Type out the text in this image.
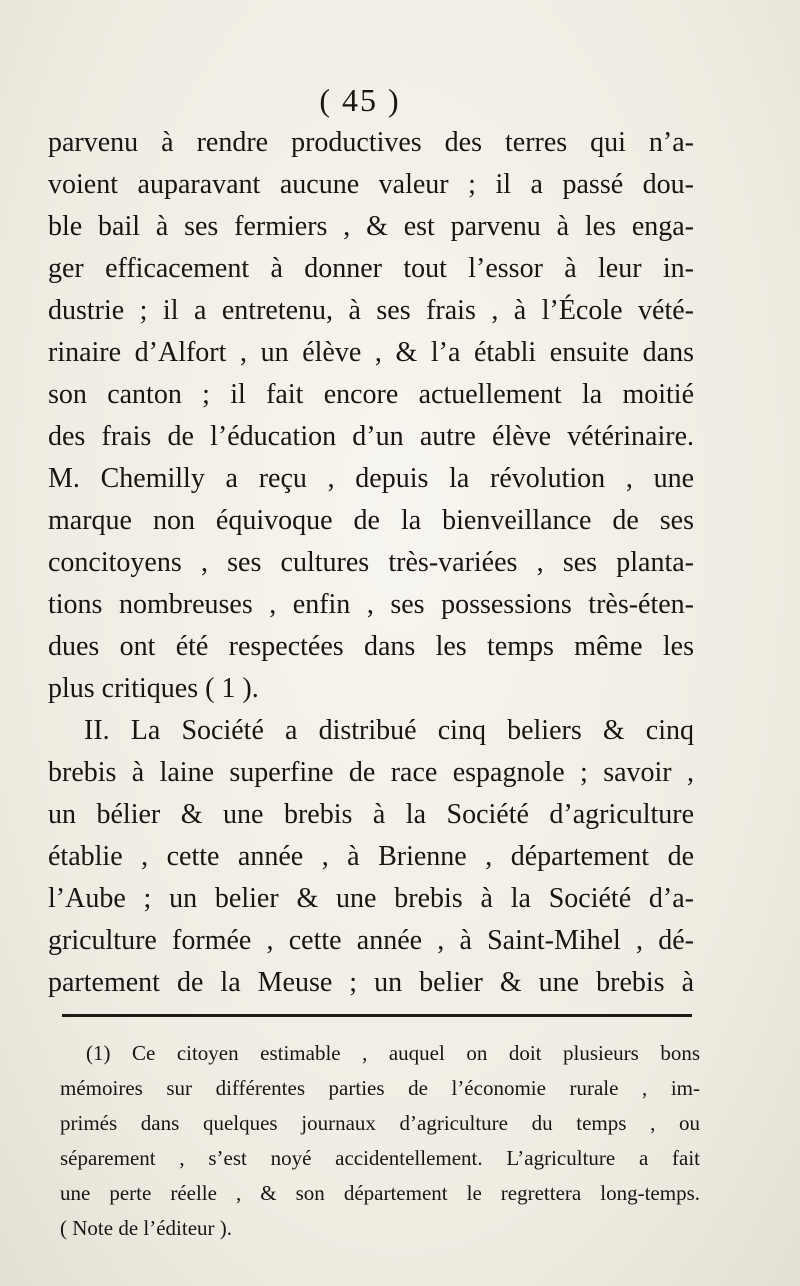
( 45 )
parvenu à rendre productives des terres qui n’a-
voient auparavant aucune valeur ; il a passé dou-
ble bail à ses fermiers , & est parvenu à les enga-
ger efficacement à donner tout l’essor à leur in-
dustrie ; il a entretenu, à ses frais , à l’École vété-
rinaire d’Alfort , un élève , & l’a établi ensuite dans
son canton ; il fait encore actuellement la moitié
des frais de l’éducation d’un autre élève vétérinaire.
M. Chemilly a reçu , depuis la révolution , une
marque non équivoque de la bienveillance de ses
concitoyens , ses cultures très-variées , ses planta-
tions nombreuses , enfin , ses possessions très-éten-
dues ont été respectées dans les temps même les
plus critiques ( 1 ).
II. La Société a distribué cinq beliers & cinq
brebis à laine superfine de race espagnole ; savoir ,
un bélier & une brebis à la Société d’agriculture
établie , cette année , à Brienne , département de
l’Aube ; un belier & une brebis à la Société d’a-
griculture formée , cette année , à Saint-Mihel , dé-
partement de la Meuse ; un belier & une brebis à
(1) Ce citoyen estimable , auquel on doit plusieurs bons
mémoires sur différentes parties de l’économie rurale , im-
primés dans quelques journaux d’agriculture du temps , ou
séparement , s’est noyé accidentellement. L’agriculture a fait
une perte réelle , & son département le regrettera long-temps.
( Note de l’éditeur ).
